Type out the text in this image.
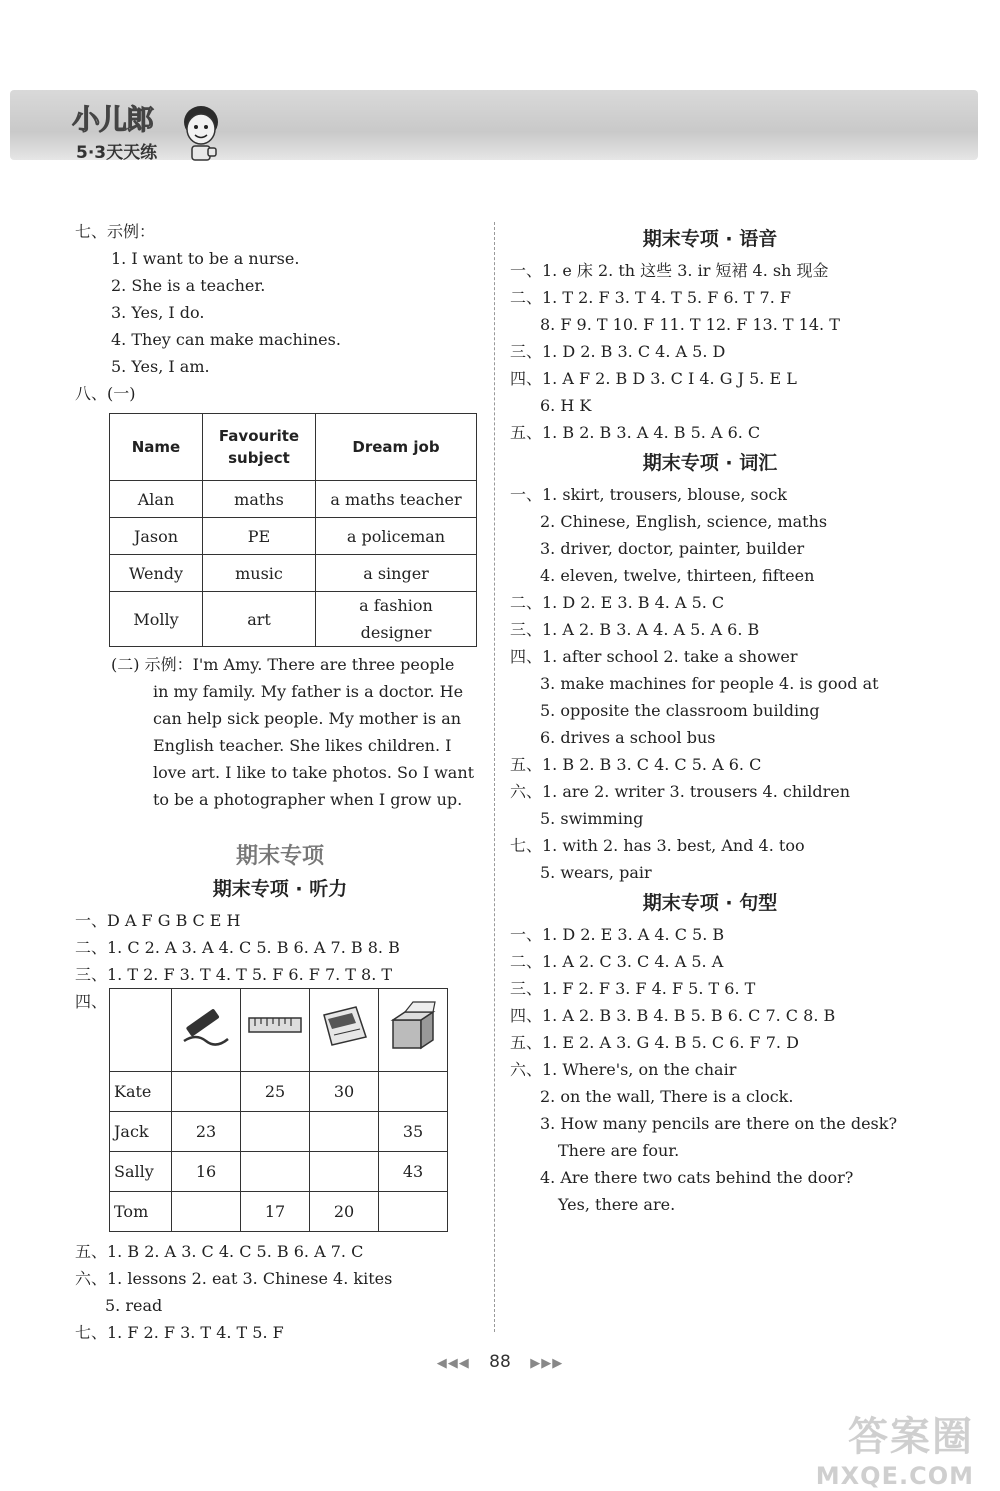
小儿郎
5·3天天练
七、示例：
1. I want to be a nurse.
2. She is a teacher.
3. Yes, I do.
4. They can make machines.
5. Yes, I am.
八、(一)
Name	Favourite subject	Dream job
Alan	maths	a maths teacher
Jason	PE	a policeman
Wendy	music	a singer
Molly	art	a fashion designer
(二) 示例：I'm Amy. There are three people
in my family. My father is a doctor. He
can help sick people. My mother is an
English teacher. She likes children. I
love art. I like to take photos. So I want
to be a photographer when I grow up.
期末专项
期末专项 · 听力
一、D A F G B C E H
二、1. C 2. A 3. A 4. C 5. B 6. A 7. B 8. B
三、1. T 2. F 3. T 4. T 5. F 6. F 7. T 8. T
四、

Kate		25	30	
Jack	23			35
Sally	16			43
Tom		17	20	
五、1. B 2. A 3. C 4. C 5. B 6. A 7. C
六、1. lessons 2. eat 3. Chinese 4. kites
5. read
七、1. F 2. F 3. T 4. T 5. F
期末专项 · 语音
一、1. e 床 2. th 这些 3. ir 短裙 4. sh 现金
二、1. T 2. F 3. T 4. T 5. F 6. T 7. F
8. F 9. T 10. F 11. T 12. F 13. T 14. T
三、1. D 2. B 3. C 4. A 5. D
四、1. A F 2. B D 3. C I 4. G J 5. E L
6. H K
五、1. B 2. B 3. A 4. B 5. A 6. C
期末专项 · 词汇
一、1. skirt, trousers, blouse, sock
2. Chinese, English, science, maths
3. driver, doctor, painter, builder
4. eleven, twelve, thirteen, fifteen
二、1. D 2. E 3. B 4. A 5. C
三、1. A 2. B 3. A 4. A 5. A 6. B
四、1. after school 2. take a shower
3. make machines for people 4. is good at
5. opposite the classroom building
6. drives a school bus
五、1. B 2. B 3. C 4. C 5. A 6. C
六、1. are 2. writer 3. trousers 4. children
5. swimming
七、1. with 2. has 3. best, And 4. too
5. wears, pair
期末专项 · 句型
一、1. D 2. E 3. A 4. C 5. B
二、1. A 2. C 3. C 4. A 5. A
三、1. F 2. F 3. F 4. F 5. T 6. T
四、1. A 2. B 3. B 4. B 5. B 6. C 7. C 8. B
五、1. E 2. A 3. G 4. B 5. C 6. F 7. D
六、1. Where's, on the chair
2. on the wall, There is a clock.
3. How many pencils are there on the desk?
There are four.
4. Are there two cats behind the door?
Yes, there are.
◀◀◀ 88 ▶▶▶
答案圈
MXQE.COM
